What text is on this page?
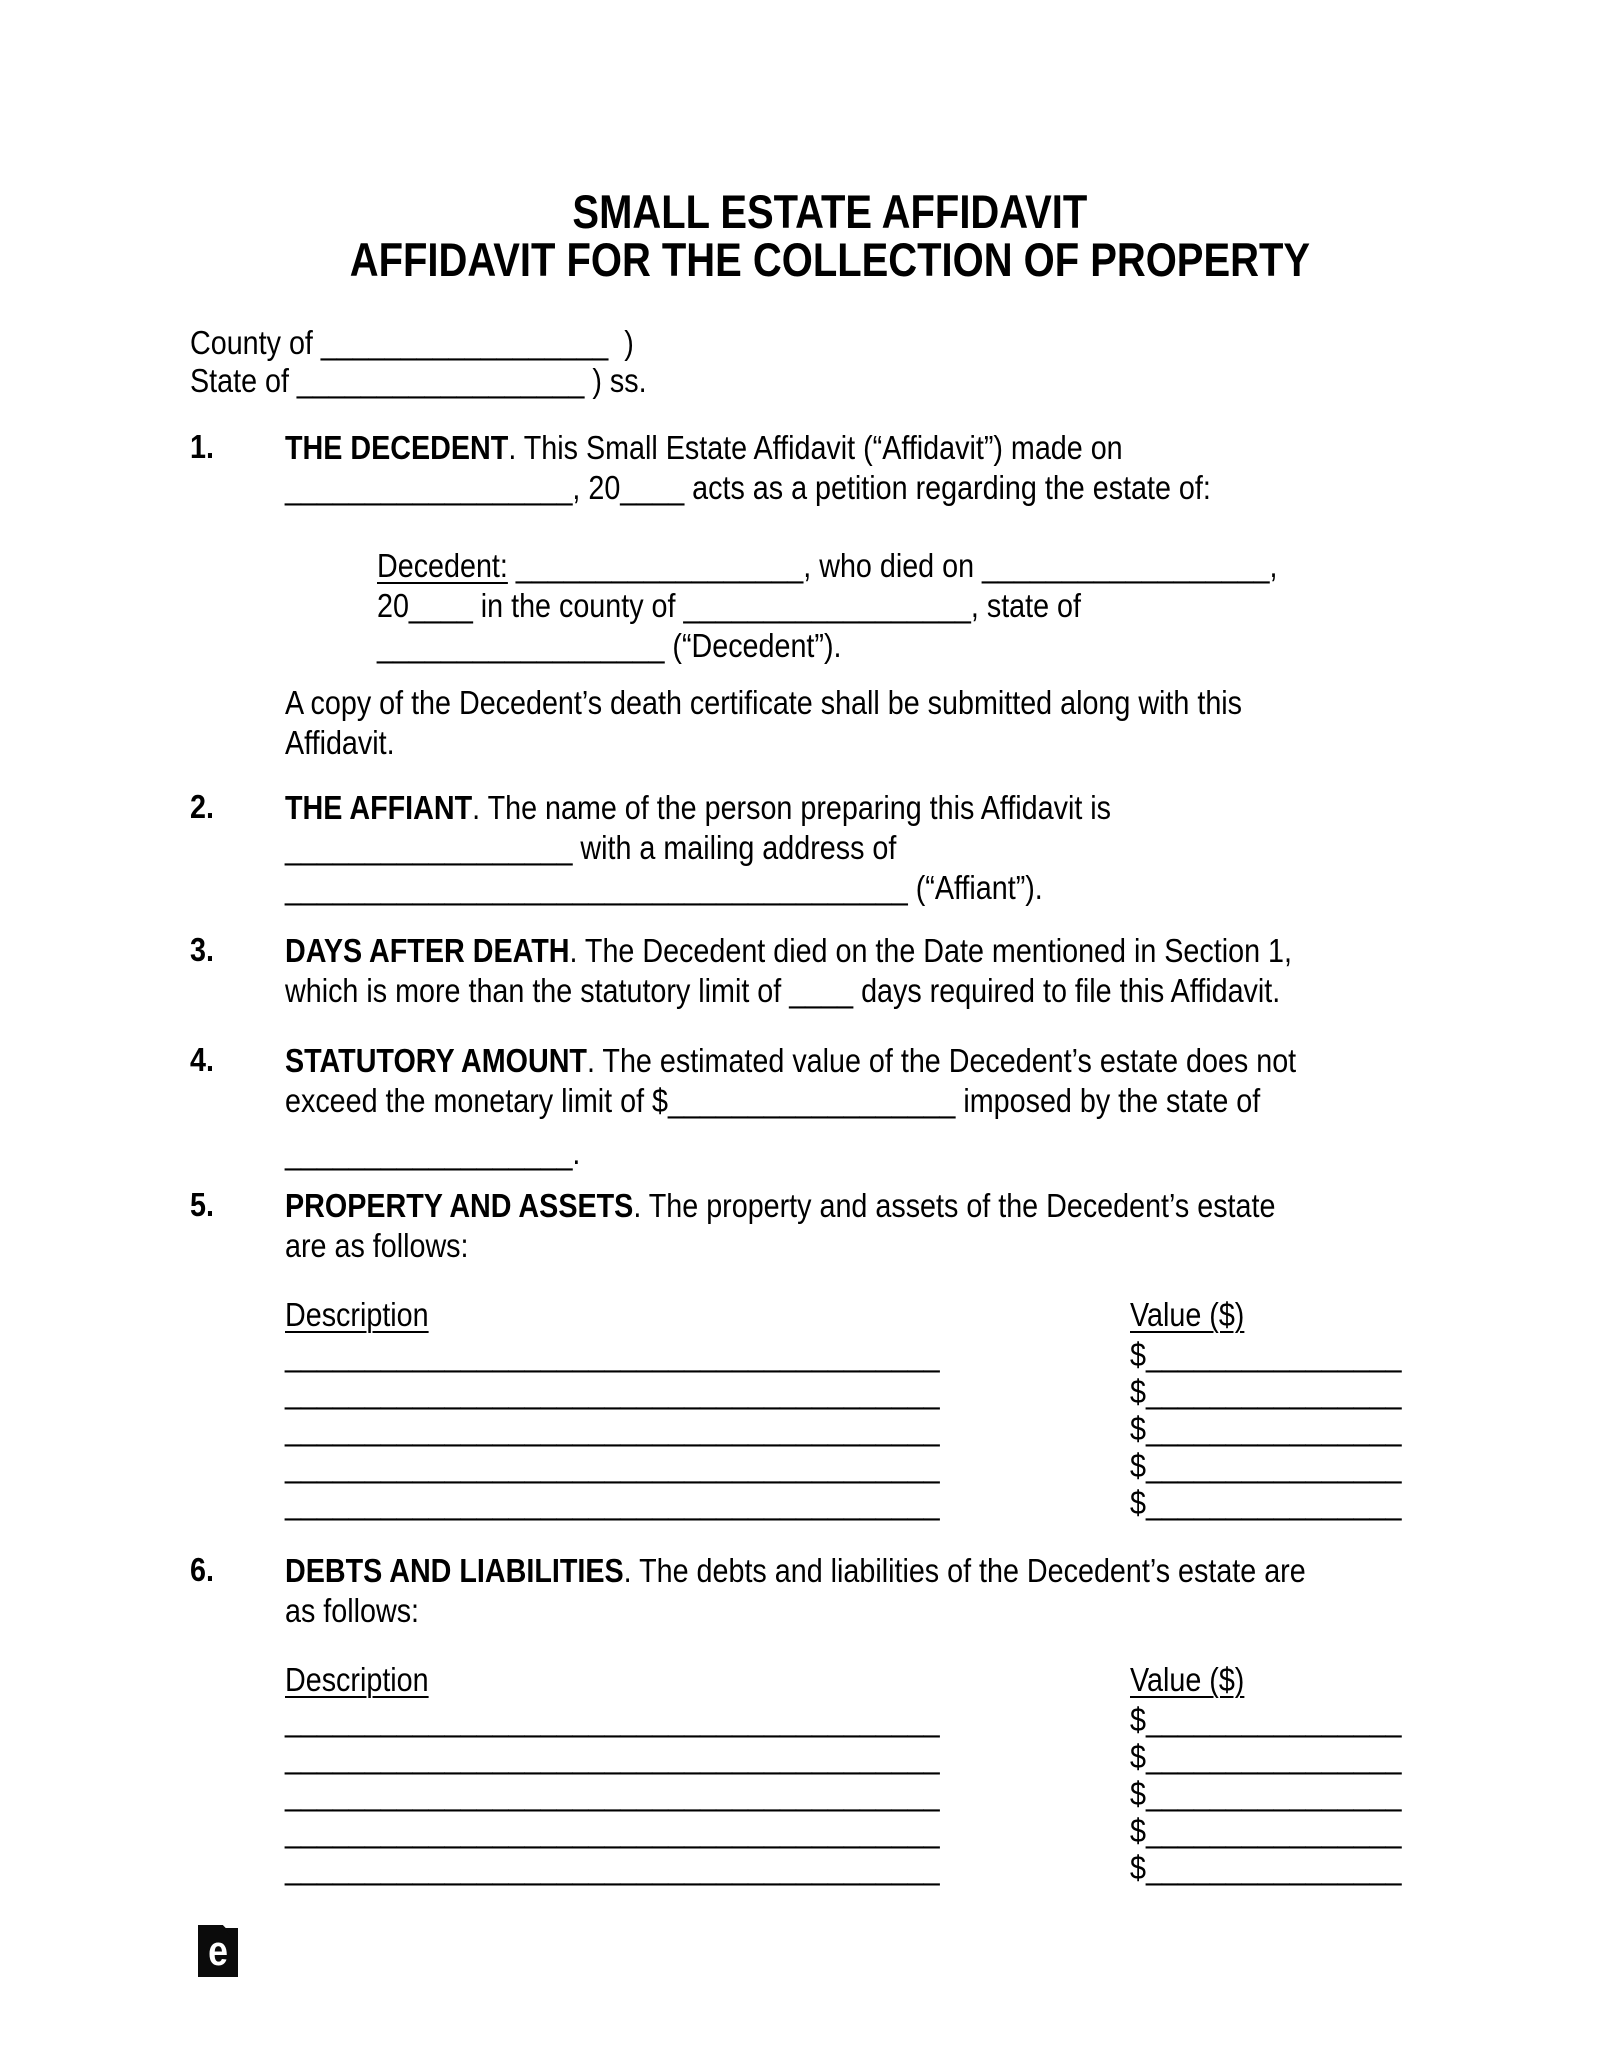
SMALL ESTATE AFFIDAVIT
AFFIDAVIT FOR THE COLLECTION OF PROPERTY
County of __________________  )
State of __________________ ) ss.
1.	THE DECEDENT. This Small Estate Affidavit (“Affidavit”) made on
__________________, 20____ acts as a petition regarding the estate of:
Decedent: __________________, who died on __________________,
20____ in the county of __________________, state of
__________________ (“Decedent”).
A copy of the Decedent’s death certificate shall be submitted along with this
Affidavit.
2.	THE AFFIANT. The name of the person preparing this Affidavit is
__________________ with a mailing address of
_______________________________________ (“Affiant”).
3.	DAYS AFTER DEATH. The Decedent died on the Date mentioned in Section 1,
which is more than the statutory limit of ____ days required to file this Affidavit.
4.	STATUTORY AMOUNT. The estimated value of the Decedent’s estate does not
exceed the monetary limit of $__________________ imposed by the state of
__________________.
5.	PROPERTY AND ASSETS. The property and assets of the Decedent’s estate
are as follows:
Description	Value ($)
_________________________________________	$________________
_________________________________________	$________________
_________________________________________	$________________
_________________________________________	$________________
_________________________________________	$________________
6.	DEBTS AND LIABILITIES. The debts and liabilities of the Decedent’s estate are
as follows:
Description	Value ($)
_________________________________________	$________________
_________________________________________	$________________
_________________________________________	$________________
_________________________________________	$________________
_________________________________________	$________________
e
